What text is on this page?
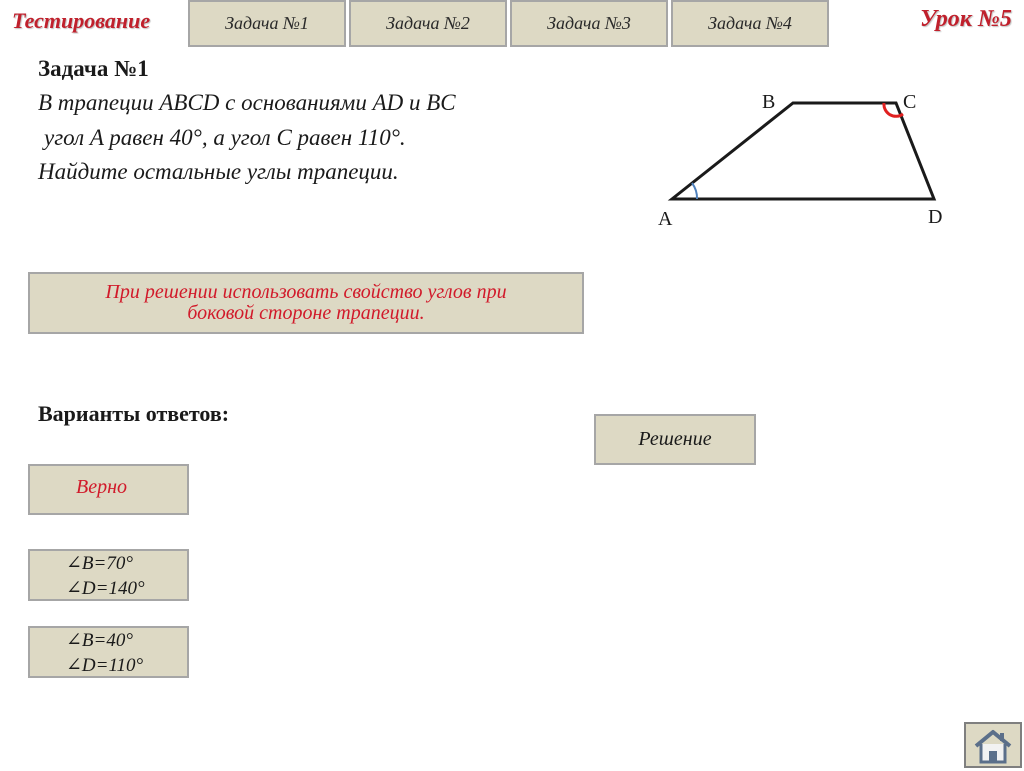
Тестирование	Задача №1	Задача №2	Задача №3	Задача №4	Урок №5
Задача №1
В трапеции ABCD с основаниями AD и BC
угол A равен 40°, а угол C равен 110°.
Найдите остальные углы трапеции.
B	C
A	D
При решении использовать свойство углов при
боковой стороне трапеции.
Варианты ответов:
Решение
Верно
∠B=70°
∠D=140°
∠B=40°
∠D=110°
